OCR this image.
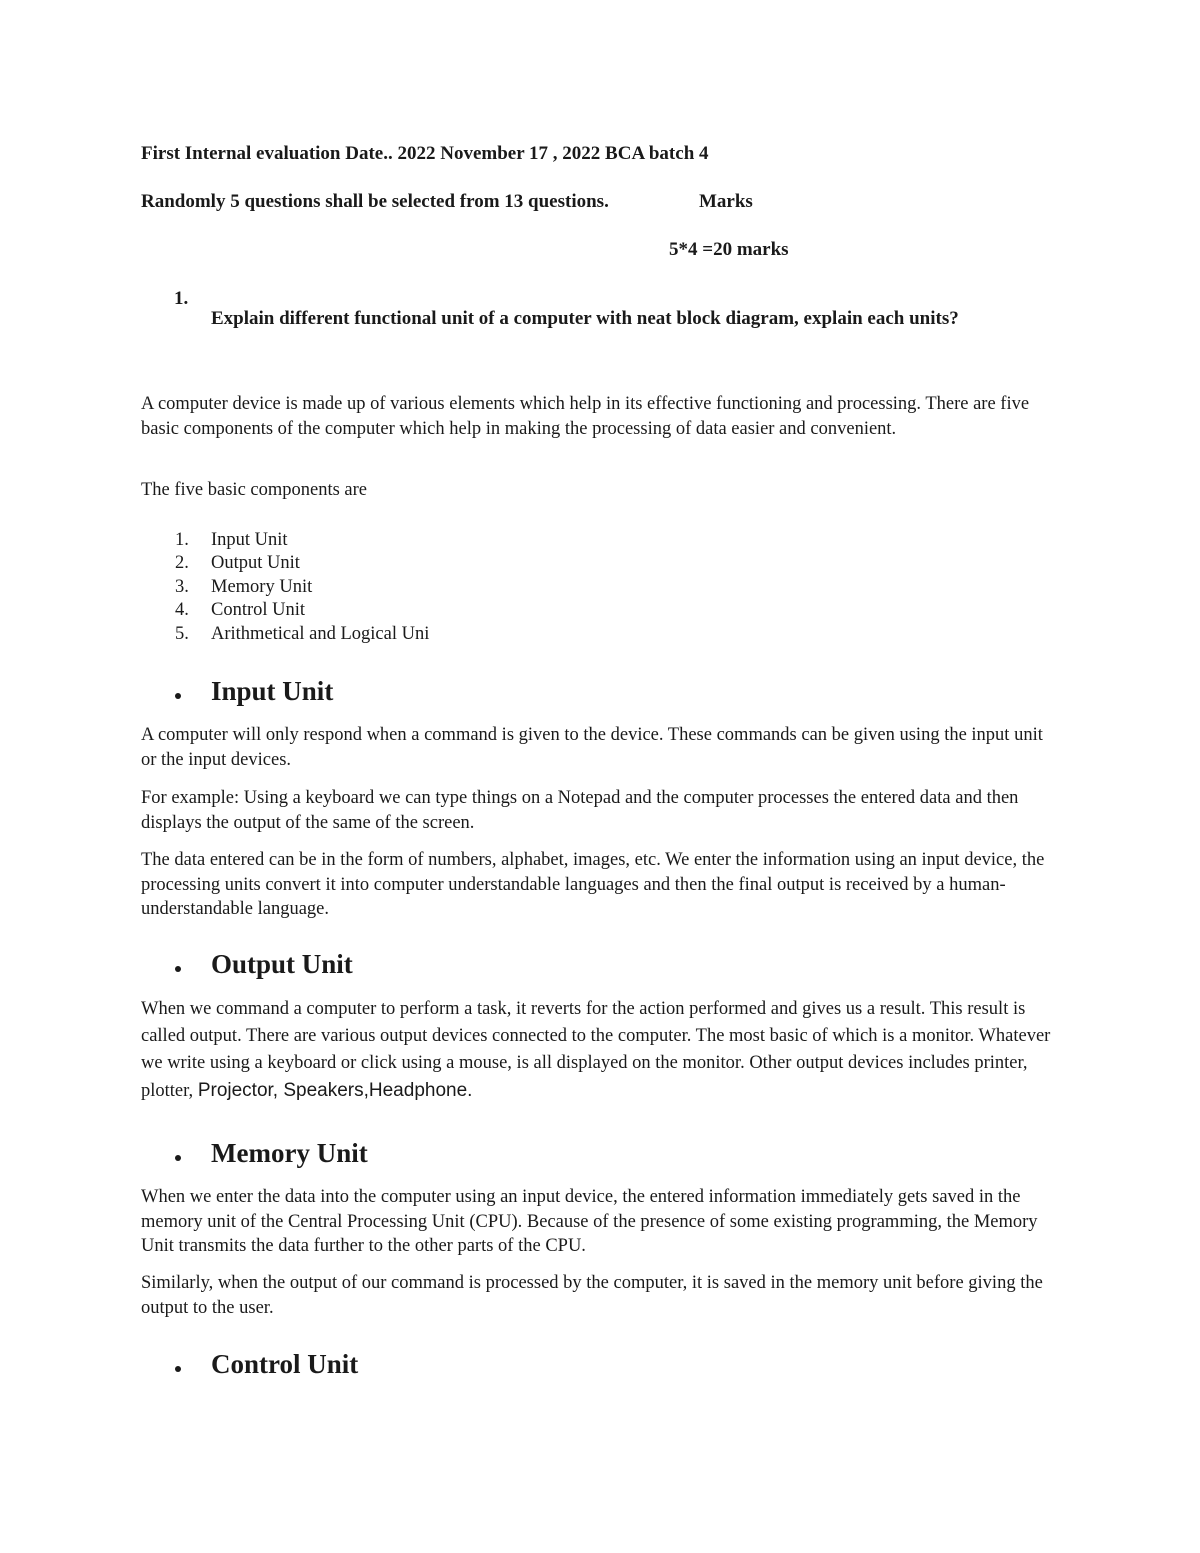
First Internal evaluation Date.. 2022 November 17 , 2022 BCA batch 4

Randomly 5 questions shall be selected from 13 questions.	Marks

5*4 =20 marks

1.

Explain different functional unit of a computer with neat block diagram, explain each units?

A computer device is made up of various elements which help in its effective functioning and processing. There are five basic components of the computer which help in making the processing of data easier and convenient.

The five basic components are

1. Input Unit
2. Output Unit
3. Memory Unit
4. Control Unit
5. Arithmetical and Logical Uni
Input Unit

A computer will only respond when a command is given to the device. These commands can be given using the input unit or the input devices.

For example: Using a keyboard we can type things on a Notepad and the computer processes the entered data and then displays the output of the same of the screen.

The data entered can be in the form of numbers, alphabet, images, etc. We enter the information using an input device, the processing units convert it into computer understandable languages and then the final output is received by a human-understandable language.

Output Unit

When we command a computer to perform a task, it reverts for the action performed and gives us a result. This result is called output. There are various output devices connected to the computer. The most basic of which is a monitor. Whatever we write using a keyboard or click using a mouse, is all displayed on the monitor. Other output devices includes printer, plotter, Projector, Speakers,Headphone.

Memory Unit

When we enter the data into the computer using an input device, the entered information immediately gets saved in the memory unit of the Central Processing Unit (CPU). Because of the presence of some existing programming, the Memory Unit transmits the data further to the other parts of the CPU.

Similarly, when the output of our command is processed by the computer, it is saved in the memory unit before giving the output to the user.

Control Unit
